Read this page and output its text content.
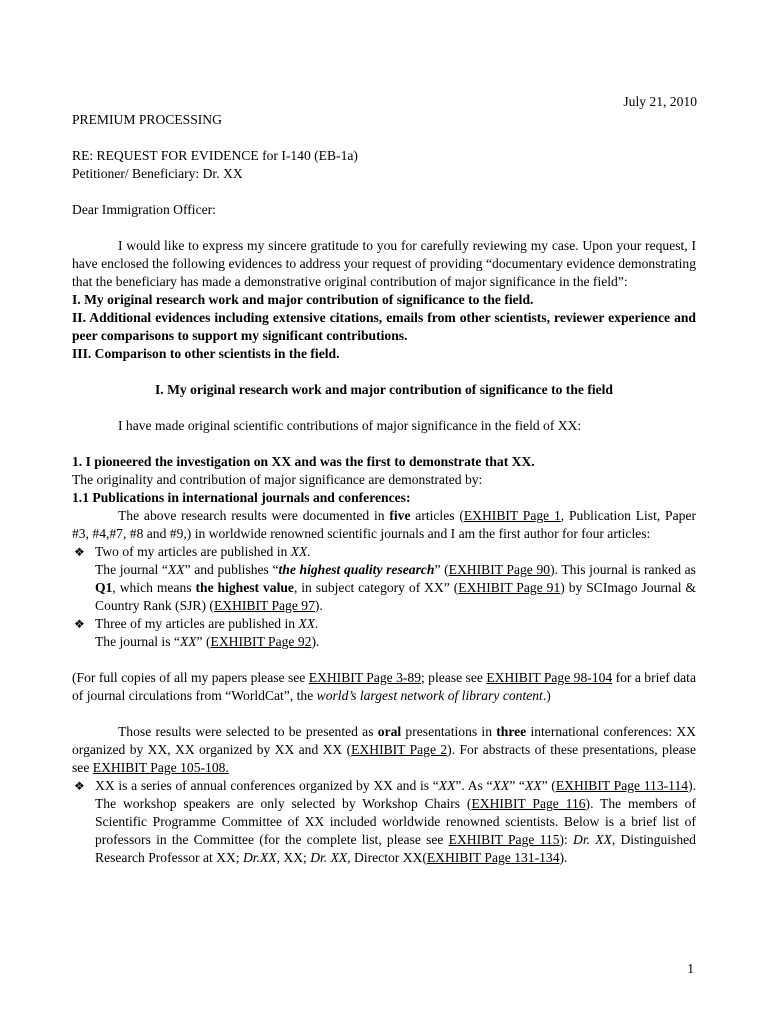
July 21, 2010

PREMIUM PROCESSING

RE: REQUEST FOR EVIDENCE for I-140 (EB-1a)

Petitioner/ Beneficiary: Dr. XX

Dear Immigration Officer:

I would like to express my sincere gratitude to you for carefully reviewing my case. Upon your request, I have enclosed the following evidences to address your request of providing “documentary evidence demonstrating that the beneficiary has made a demonstrative original contribution of major significance in the field”:

I. My original research work and major contribution of significance to the field.

II. Additional evidences including extensive citations, emails from other scientists, reviewer experience and peer comparisons to support my significant contributions.

III. Comparison to other scientists in the field.

I. My original research work and major contribution of significance to the field

I have made original scientific contributions of major significance in the field of XX:

1. I pioneered the investigation on XX and was the first to demonstrate that XX.

The originality and contribution of major significance are demonstrated by:

1.1 Publications in international journals and conferences:

The above research results were documented in five articles (EXHIBIT Page 1, Publication List, Paper #3, #4,#7, #8 and #9,) in worldwide renowned scientific journals and I am the first author for four articles:

❖ Two of my articles are published in XX.

The journal “XX” and publishes “the highest quality research” (EXHIBIT Page 90). This journal is ranked as Q1, which means the highest value, in subject category of XX” (EXHIBIT Page 91) by SCImago Journal & Country Rank (SJR) (EXHIBIT Page 97).

❖ Three of my articles are published in XX.

The journal is “XX” (EXHIBIT Page 92).

(For full copies of all my papers please see EXHIBIT Page 3-89; please see EXHIBIT Page 98-104 for a brief data of journal circulations from “WorldCat”, the world’s largest network of library content.)

Those results were selected to be presented as oral presentations in three international conferences: XX organized by XX, XX organized by XX and XX (EXHIBIT Page 2). For abstracts of these presentations, please see EXHIBIT Page 105-108.

❖ XX is a series of annual conferences organized by XX and is “XX”. As “XX” “XX” (EXHIBIT Page 113-114). The workshop speakers are only selected by Workshop Chairs (EXHIBIT Page 116). The members of Scientific Programme Committee of XX included worldwide renowned scientists. Below is a brief list of professors in the Committee (for the complete list, please see EXHIBIT Page 115): Dr. XX, Distinguished Research Professor at XX; Dr.XX, XX; Dr. XX, Director XX(EXHIBIT Page 131-134).

1
